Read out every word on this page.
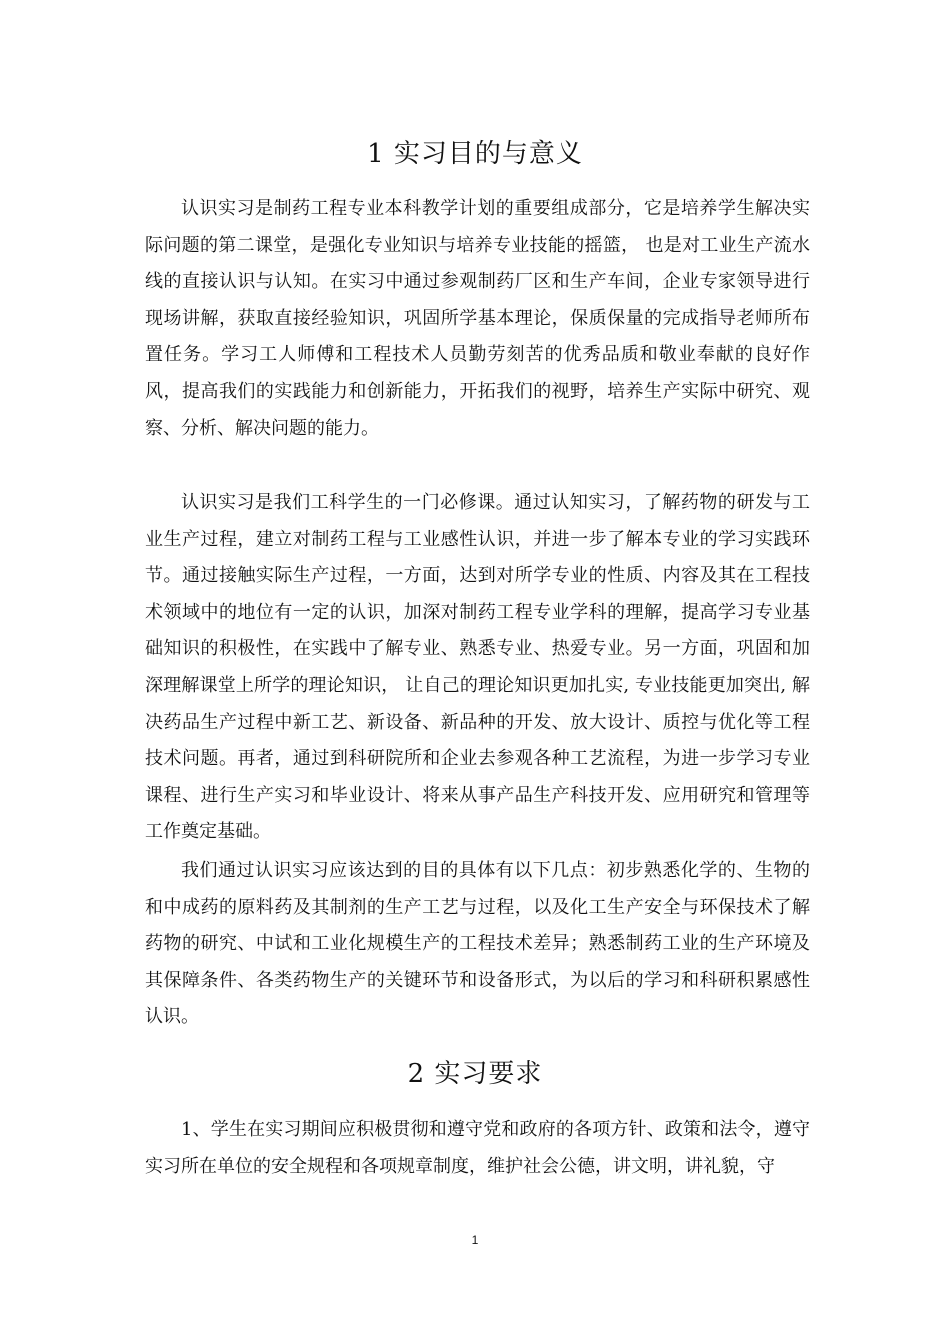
1 实习目的与意义

认识实习是制药工程专业本科教学计划的重要组成部分，它是培养学生解决实际问题的第二课堂，是强化专业知识与培养专业技能的摇篮， 也是对工业生产流水线的直接认识与认知。在实习中通过参观制药厂区和生产车间，企业专家领导进行现场讲解，获取直接经验知识，巩固所学基本理论，保质保量的完成指导老师所布置任务。学习工人师傅和工程技术人员勤劳刻苦的优秀品质和敬业奉献的良好作风，提高我们的实践能力和创新能力，开拓我们的视野，培养生产实际中研究、观察、分析、解决问题的能力。

认识实习是我们工科学生的一门必修课。通过认知实习，了解药物的研发与工业生产过程，建立对制药工程与工业感性认识，并进一步了解本专业的学习实践环节。通过接触实际生产过程，一方面，达到对所学专业的性质、内容及其在工程技术领域中的地位有一定的认识，加深对制药工程专业学科的理解，提高学习专业基础知识的积极性，在实践中了解专业、熟悉专业、热爱专业。另一方面，巩固和加深理解课堂上所学的理论知识， 让自己的理论知识更加扎实, 专业技能更加突出, 解决药品生产过程中新工艺、新设备、新品种的开发、放大设计、质控与优化等工程技术问题。再者，通过到科研院所和企业去参观各种工艺流程，为进一步学习专业课程、进行生产实习和毕业设计、将来从事产品生产科技开发、应用研究和管理等工作奠定基础。

我们通过认识实习应该达到的目的具体有以下几点：初步熟悉化学的、生物的和中成药的原料药及其制剂的生产工艺与过程，以及化工生产安全与环保技术了解药物的研究、中试和工业化规模生产的工程技术差异；熟悉制药工业的生产环境及其保障条件、各类药物生产的关键环节和设备形式，为以后的学习和科研积累感性认识。

2 实习要求

1、学生在实习期间应积极贯彻和遵守党和政府的各项方针、政策和法令，遵守实习所在单位的安全规程和各项规章制度，维护社会公德，讲文明，讲礼貌，守

1
